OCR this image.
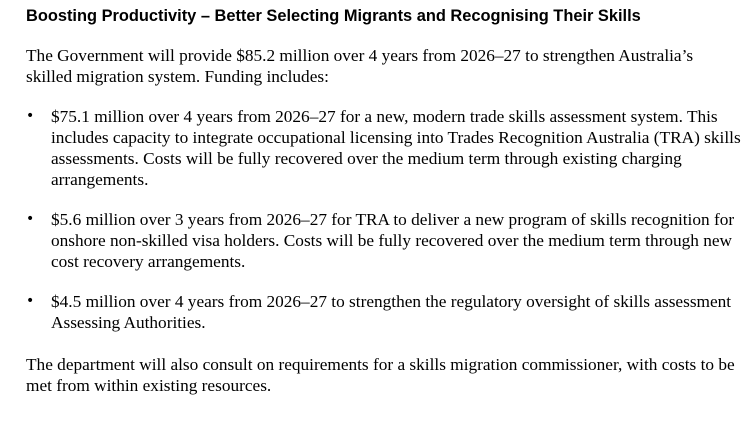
Boosting Productivity – Better Selecting Migrants and Recognising Their Skills

The Government will provide $85.2 million over 4 years from 2026–27 to strengthen Australia’s skilled migration system. Funding includes:

• $75.1 million over 4 years from 2026–27 for a new, modern trade skills assessment system. This includes capacity to integrate occupational licensing into Trades Recognition Australia (TRA) skills assessments. Costs will be fully recovered over the medium term through existing charging arrangements.
• $5.6 million over 3 years from 2026–27 for TRA to deliver a new program of skills recognition for onshore non-skilled visa holders. Costs will be fully recovered over the medium term through new cost recovery arrangements.
• $4.5 million over 4 years from 2026–27 to strengthen the regulatory oversight of skills assessment Assessing Authorities.

The department will also consult on requirements for a skills migration commissioner, with costs to be met from within existing resources.
